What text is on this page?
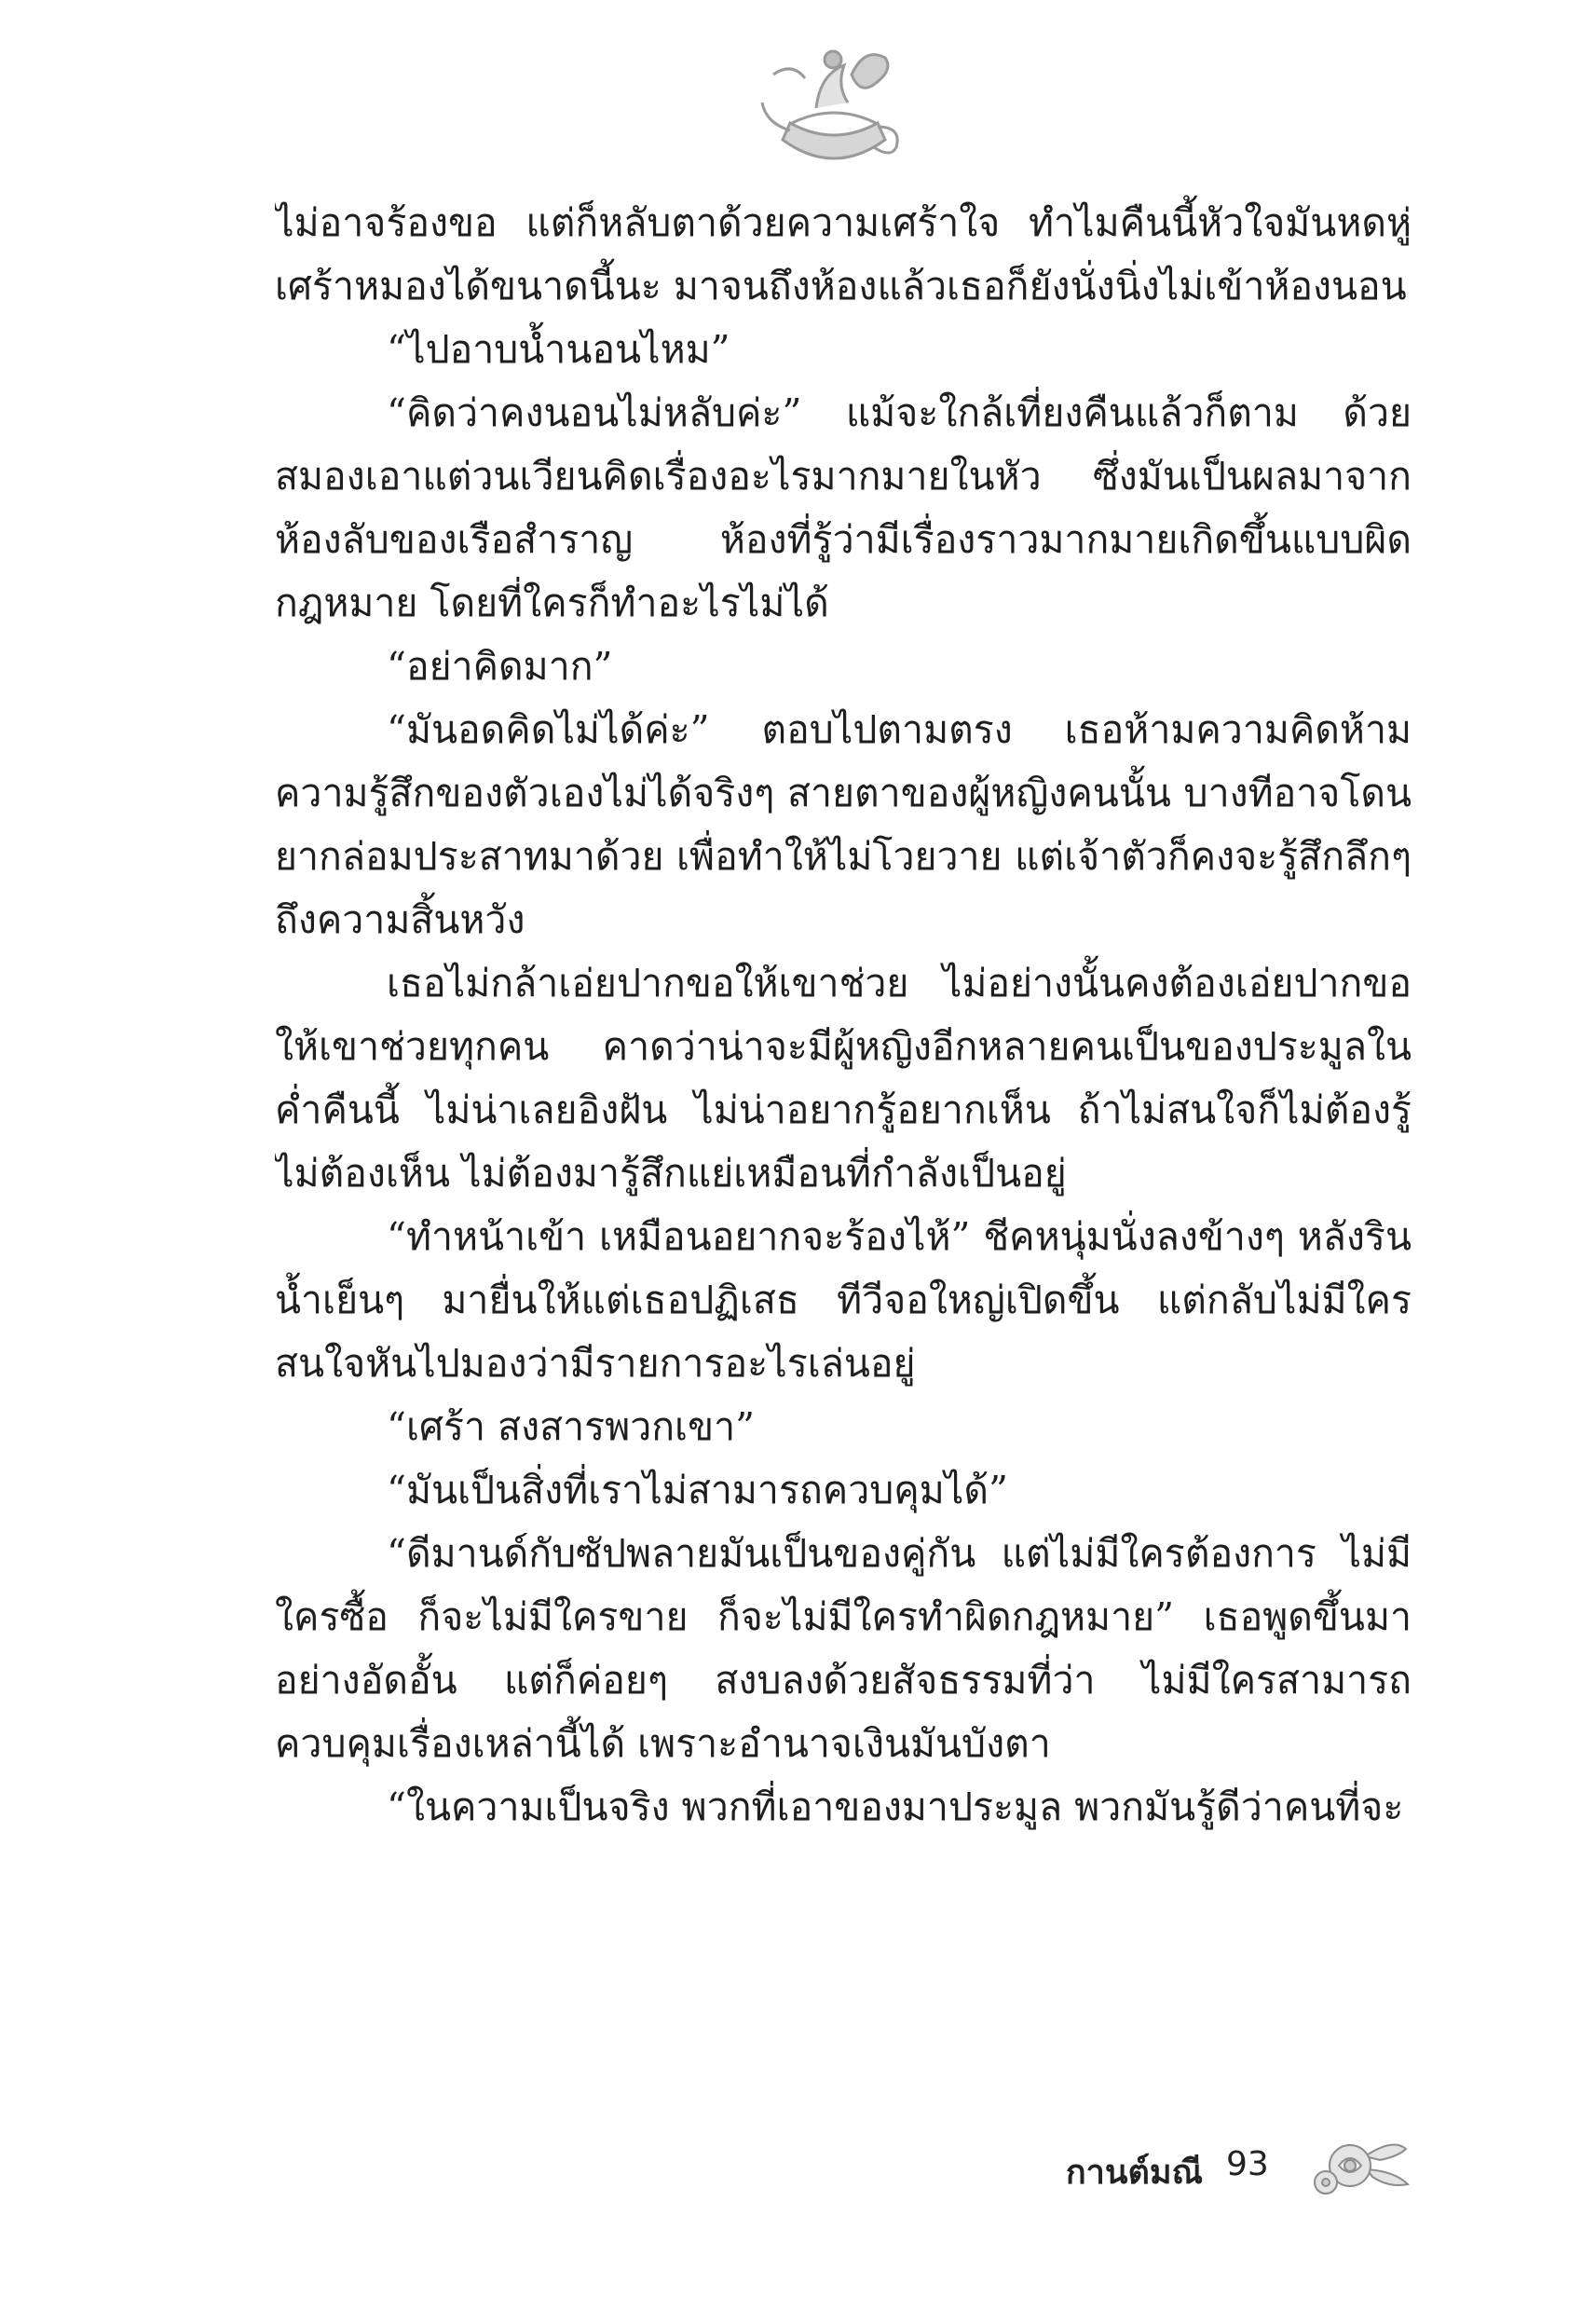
ไม่อาจร้องขอ แต่ก็หลับตาด้วยความเศร้าใจ ทำไมคืนนี้หัวใจมันหดหู่เศร้าหมองได้ขนาดนี้นะ มาจนถึงห้องแล้วเธอก็ยังนั่งนิ่งไม่เข้าห้องนอน

“ไปอาบน้ำนอนไหม”

“คิดว่าคงนอนไม่หลับค่ะ” แม้จะใกล้เที่ยงคืนแล้วก็ตาม ด้วยสมองเอาแต่วนเวียนคิดเรื่องอะไรมากมายในหัว ซึ่งมันเป็นผลมาจากห้องลับของเรือสำราญ ห้องที่รู้ว่ามีเรื่องราวมากมายเกิดขึ้นแบบผิดกฎหมาย โดยที่ใครก็ทำอะไรไม่ได้

“อย่าคิดมาก”

“มันอดคิดไม่ได้ค่ะ” ตอบไปตามตรง เธอห้ามความคิดห้ามความรู้สึกของตัวเองไม่ได้จริงๆ สายตาของผู้หญิงคนนั้น บางทีอาจโดนยากล่อมประสาทมาด้วย เพื่อทำให้ไม่โวยวาย แต่เจ้าตัวก็คงจะรู้สึกลึกๆ ถึงความสิ้นหวัง

เธอไม่กล้าเอ่ยปากขอให้เขาช่วย ไม่อย่างนั้นคงต้องเอ่ยปากขอให้เขาช่วยทุกคน คาดว่าน่าจะมีผู้หญิงอีกหลายคนเป็นของประมูลในค่ำคืนนี้ ไม่น่าเลยอิงฝัน ไม่น่าอยากรู้อยากเห็น ถ้าไม่สนใจก็ไม่ต้องรู้ไม่ต้องเห็น ไม่ต้องมารู้สึกแย่เหมือนที่กำลังเป็นอยู่

“ทำหน้าเข้า เหมือนอยากจะร้องไห้” ชีคหนุ่มนั่งลงข้างๆ หลังรินน้ำเย็นๆ มายื่นให้แต่เธอปฏิเสธ ทีวีจอใหญ่เปิดขึ้น แต่กลับไม่มีใครสนใจหันไปมองว่ามีรายการอะไรเล่นอยู่

“เศร้า สงสารพวกเขา”

“มันเป็นสิ่งที่เราไม่สามารถควบคุมได้”

“ดีมานด์กับซัปพลายมันเป็นของคู่กัน แต่ไม่มีใครต้องการ ไม่มีใครซื้อ ก็จะไม่มีใครขาย ก็จะไม่มีใครทำผิดกฎหมาย” เธอพูดขึ้นมาอย่างอัดอั้น แต่ก็ค่อยๆ สงบลงด้วยสัจธรรมที่ว่า ไม่มีใครสามารถควบคุมเรื่องเหล่านี้ได้ เพราะอำนาจเงินมันบังตา

“ในความเป็นจริง พวกที่เอาของมาประมูล พวกมันรู้ดีว่าคนที่จะ

กานต์มณี 93
